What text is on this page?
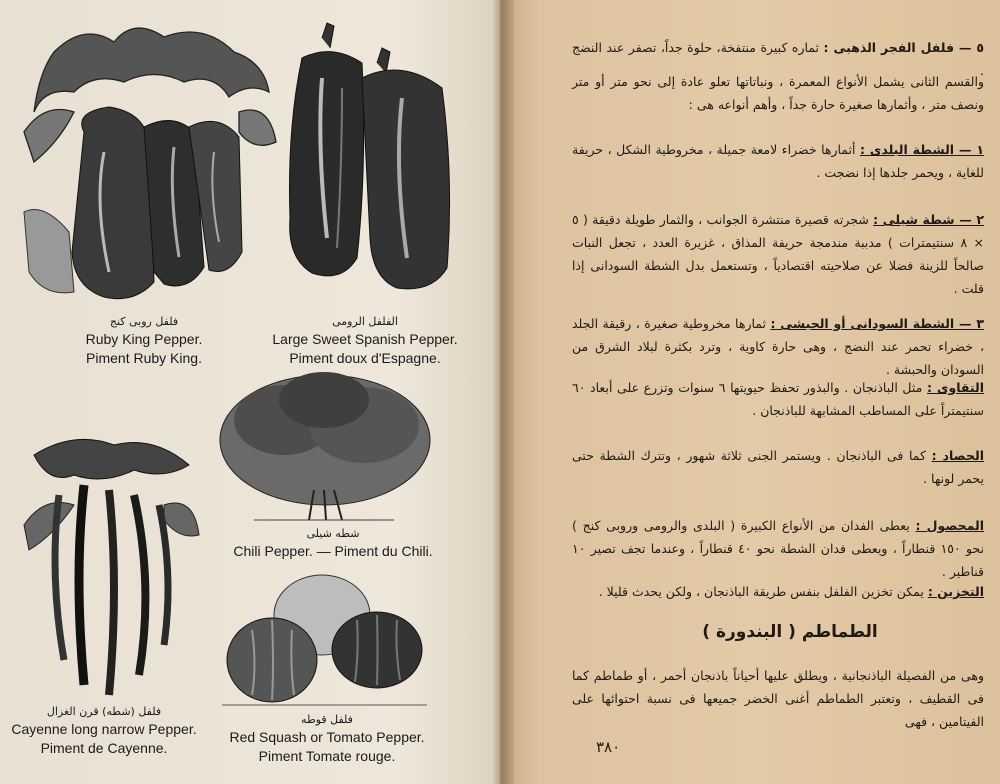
فلفل روبى كنج
Ruby King Pepper.
Piment Ruby King.
الفلفل الرومى
Large Sweet Spanish Pepper.
Piment doux d'Espagne.
شطه شيلى
Chili Pepper. — Piment du Chili.
فلفل (شطه) قرن الغزال
Cayenne long narrow Pepper.
Piment de Cayenne.
فلفل قوطه
Red Squash or Tomato Pepper.
Piment Tomate rouge.
٥ — فلفل الفجر الذهبى : ثماره كبيرة منتفخة، حلوة جداً، تصفر عند النضج .
والقسم الثانى يشمل الأنواع المعمرة ، ونباتاتها تعلو عادة إلى نحو متر أو متر ونصف متر ، وأثمارها صغيرة حارة جداً ، وأهم أنواعه هى :
١ — الشطة البلدى : أثمارها خضراء لامعة جميلة ، مخروطية الشكل ، حريفة للغاية ، ويحمر جلدها إذا نضجت .
٢ — شطة شيلى : شجرته قصيرة منتشرة الجوانب ، والثمار طويلة دقيقة ( ٥ × ٨ سنتيمترات ) مدببة مندمجة حريفة المذاق ، غزيرة العدد ، تجعل النبات صالحاً للزينة فضلا عن صلاحيته اقتصادياً ، وتستعمل بدل الشطة السودانى إذا قلت .
٣ — الشطة السودانى أو الحبشى : ثمارها مخروطية صغيرة ، رقيقة الجلد ، خضراء تحمر عند النضج ، وهى حارة كاوية ، وترد بكثرة لبلاد الشرق من السودان والحبشة .
التقاوى : مثل الباذنجان . والبذور تحفظ حيويتها ٦ سنوات وتزرع على أبعاد ٦٠ سنتيمتراً على المساطب المشابهة للباذنجان .
الحصاد : كما فى الباذنجان . ويستمر الجنى ثلاثة شهور ، وتترك الشطة حتى يحمر لونها .
المحصول : يعطى الفدان من الأنواع الكبيرة ( البلدى والرومى وروبى كنج ) نحو ١٥٠ قنطاراً ، ويعطى فدان الشطة نحو ٤٠ قنطاراً ، وعندما تجف تصير ١٠ قناطير .
التخزين : يمكن تخزين الفلفل بنفس طريقة الباذنجان ، ولكن يحدث قليلا .
الطماطم ( البندورة )
وهى من الفصيلة الباذنجانية ، ويطلق عليها أحياناً باذنجان أحمر ، أو طماطم كما فى القطيف ، وتعتبر الطماطم أغنى الخضر جميعها فى نسبة احتوائها على الفيتامين ، فهى
٣٨٠
